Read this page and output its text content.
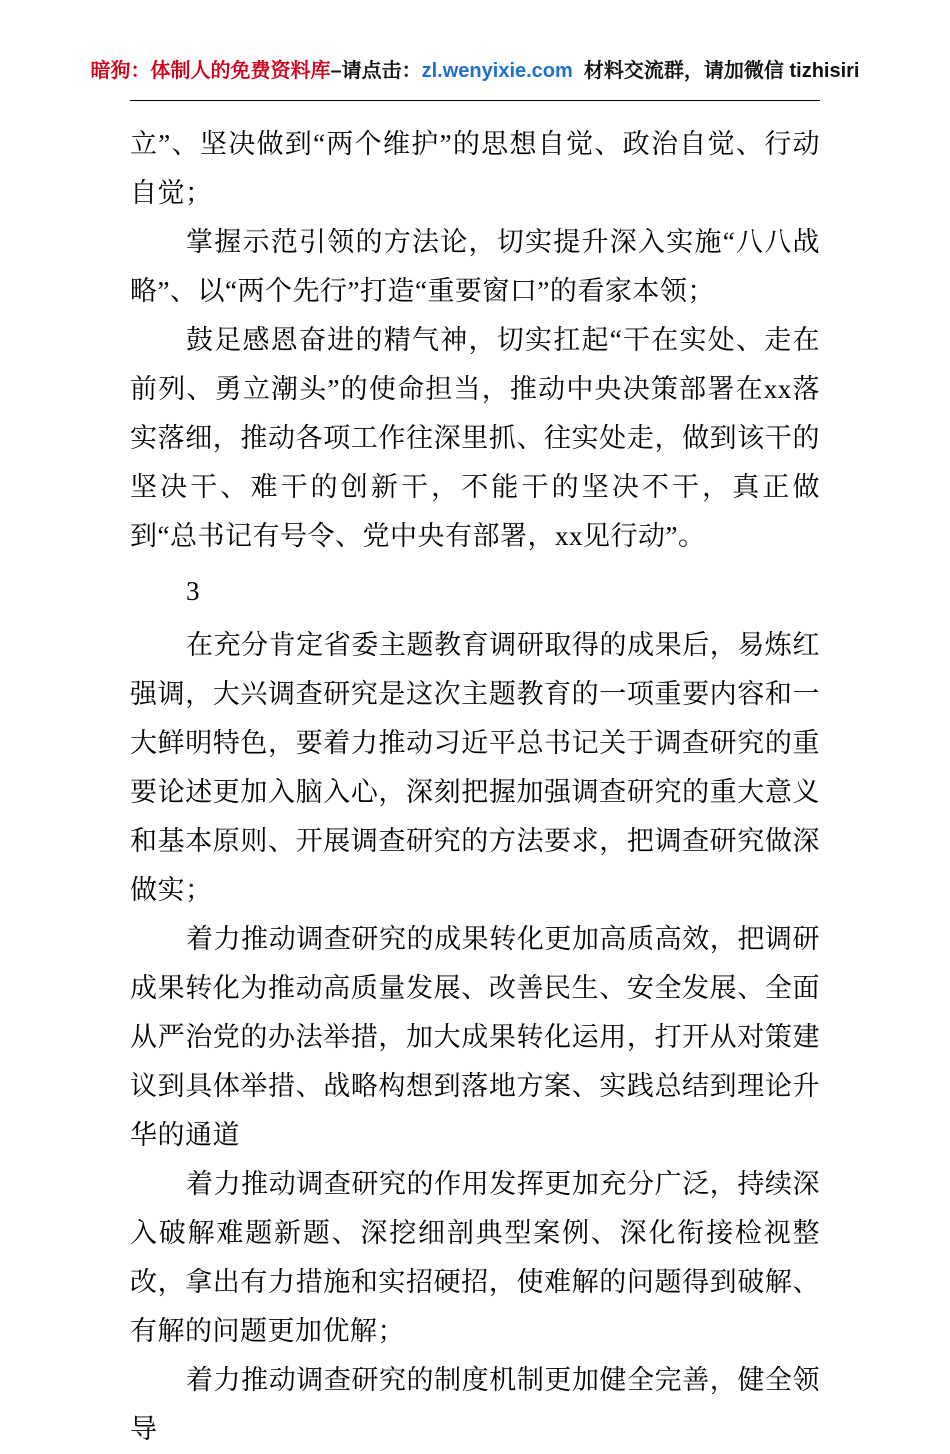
暗狗：体制人的免费资料库–请点击：zl.wenyixie.com 材料交流群，请加微信 tizhisiri

立”、坚决做到“两个维护”的思想自觉、政治自觉、行动自觉；

掌握示范引领的方法论，切实提升深入实施“八八战略”、以“两个先行”打造“重要窗口”的看家本领；

鼓足感恩奋进的精气神，切实扛起“干在实处、走在前列、勇立潮头”的使命担当，推动中央决策部署在xx落实落细，推动各项工作往深里抓、往实处走，做到该干的坚决干、难干的创新干，不能干的坚决不干，真正做到“总书记有号令、党中央有部署，xx见行动”。

3

在充分肯定省委主题教育调研取得的成果后，易炼红强调，大兴调查研究是这次主题教育的一项重要内容和一大鲜明特色，要着力推动习近平总书记关于调查研究的重要论述更加入脑入心，深刻把握加强调查研究的重大意义和基本原则、开展调查研究的方法要求，把调查研究做深做实；

着力推动调查研究的成果转化更加高质高效，把调研成果转化为推动高质量发展、改善民生、安全发展、全面从严治党的办法举措，加大成果转化运用，打开从对策建议到具体举措、战略构想到落地方案、实践总结到理论升华的通道

着力推动调查研究的作用发挥更加充分广泛，持续深入破解难题新题、深挖细剖典型案例、深化衔接检视整改，拿出有力措施和实招硬招，使难解的问题得到破解、有解的问题更加优解；

着力推动调查研究的制度机制更加健全完善，健全领导
